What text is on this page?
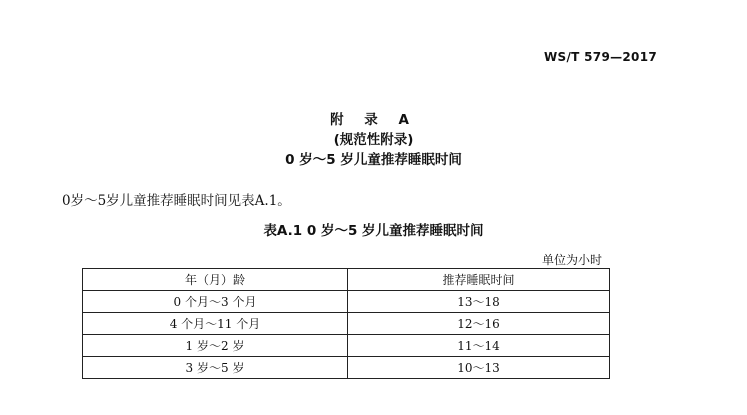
WS/T 579—2017
附 录 A
(规范性附录)
0 岁～5 岁儿童推荐睡眠时间
0岁～5岁儿童推荐睡眠时间见表A.1。
表A.1 0 岁～5 岁儿童推荐睡眠时间
单位为小时
年（月）龄	推荐睡眠时间
0 个月～3 个月	13～18
4 个月～11 个月	12～16
1 岁～2 岁	11～14
3 岁～5 岁	10～13
